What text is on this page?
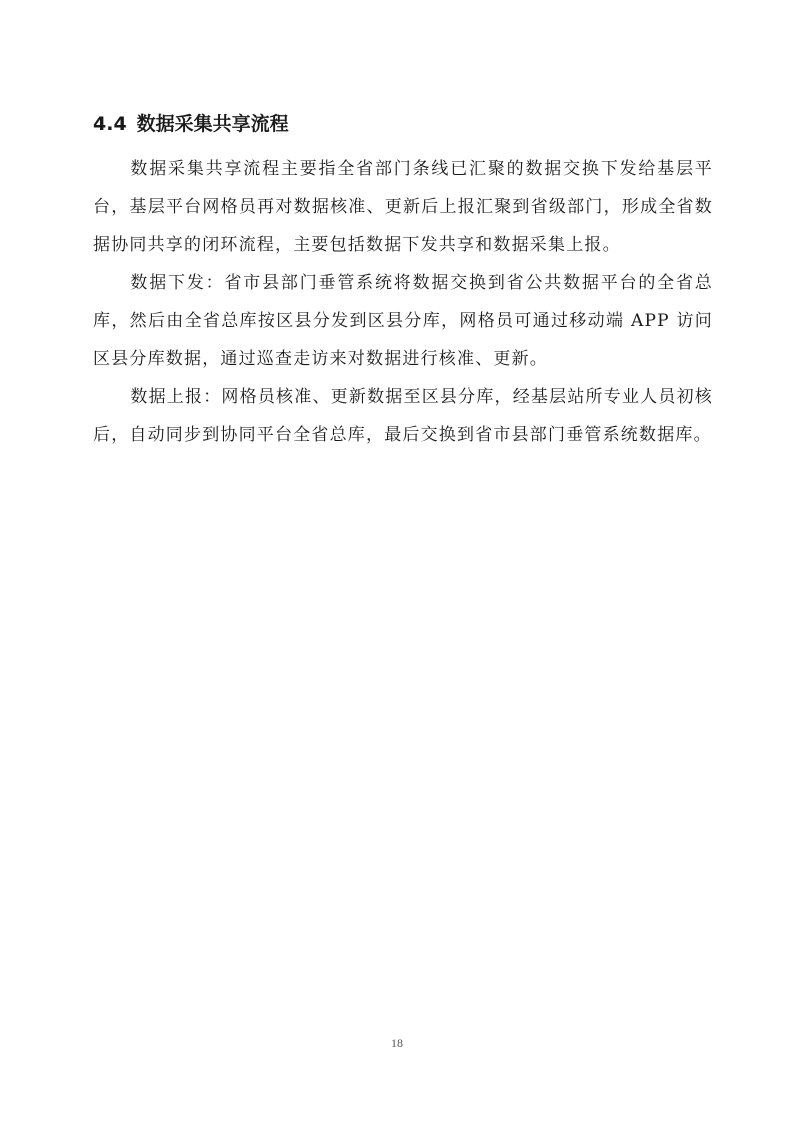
4.4 数据采集共享流程

数据采集共享流程主要指全省部门条线已汇聚的数据交换下发给基层平台，基层平台网格员再对数据核准、更新后上报汇聚到省级部门，形成全省数据协同共享的闭环流程，主要包括数据下发共享和数据采集上报。

数据下发：省市县部门垂管系统将数据交换到省公共数据平台的全省总库，然后由全省总库按区县分发到区县分库，网格员可通过移动端 APP 访问区县分库数据，通过巡查走访来对数据进行核准、更新。

数据上报：网格员核准、更新数据至区县分库，经基层站所专业人员初核后，自动同步到协同平台全省总库，最后交换到省市县部门垂管系统数据库。

18
